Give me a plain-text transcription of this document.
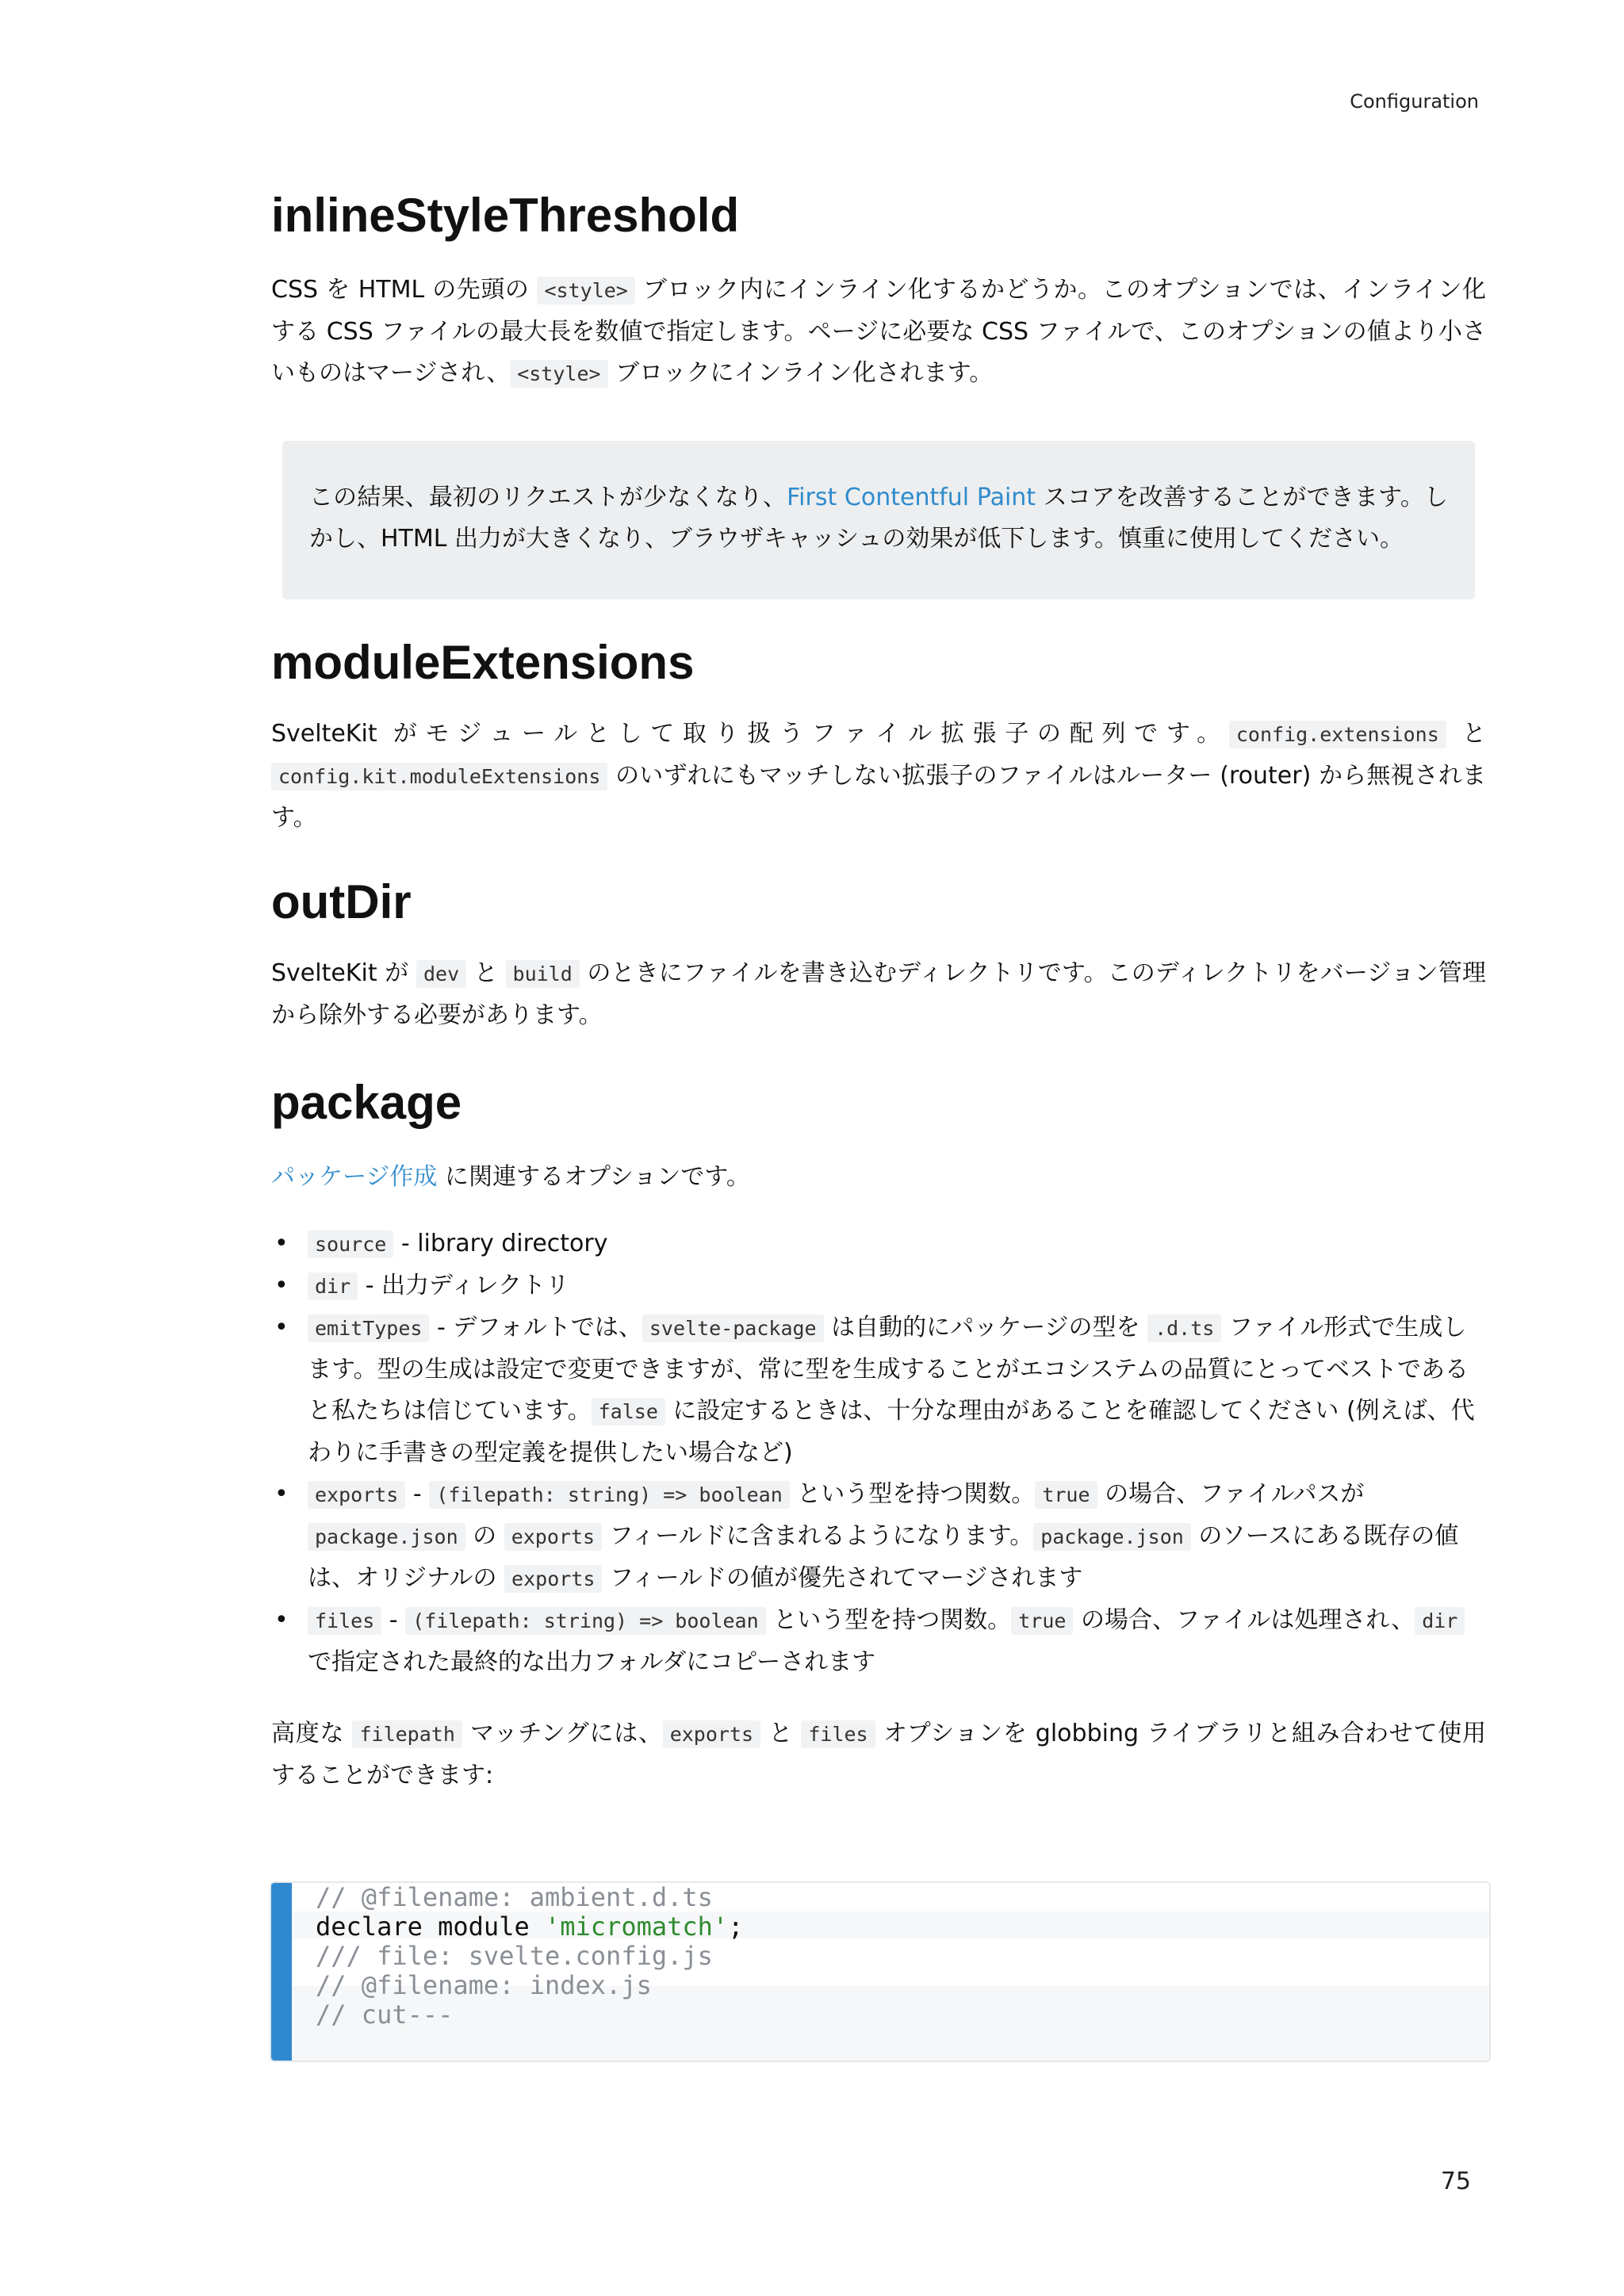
Configuration
inlineStyleThreshold

CSS を HTML の先頭の <style> ブロック内にインライン化するかどうか。このオプションでは、インライン化する CSS ファイルの最大長を数値で指定します。ページに必要な CSS ファイルで、このオプションの値より小さいものはマージされ、 <style> ブロックにインライン化されます。

この結果、最初のリクエストが少なくなり、First Contentful Paint スコアを改善することができます。しかし、HTML 出力が大きくなり、ブラウザキャッシュの効果が低下します。慎重に使用してください。

moduleExtensions

SvelteKit がモジュールとして取り扱うファイル拡張子の配列です。 config.extensions と config.kit.moduleExtensions のいずれにもマッチしない拡張子のファイルはルーター (router) から無視されます。

outDir

SvelteKit が dev と build のときにファイルを書き込むディレクトリです。このディレクトリをバージョン管理から除外する必要があります。

package

パッケージ作成 に関連するオプションです。

• source - library directory
• dir - 出力ディレクトリ
• emitTypes - デフォルトでは、 svelte-package は自動的にパッケージの型を .d.ts ファイル形式で生成します。型の生成は設定で変更できますが、常に型を生成することがエコシステムの品質にとってベストであると私たちは信じています。 false に設定するときは、十分な理由があることを確認してください (例えば、代わりに手書きの型定義を提供したい場合など)
• exports - (filepath: string) => boolean という型を持つ関数。 true の場合、ファイルパスが package.json の exports フィールドに含まれるようになります。 package.json のソースにある既存の値は、オリジナルの exports フィールドの値が優先されてマージされます
• files - (filepath: string) => boolean という型を持つ関数。 true の場合、ファイルは処理され、 dir で指定された最終的な出力フォルダにコピーされます

高度な filepath マッチングには、 exports と files オプションを globbing ライブラリと組み合わせて使用することができます:

// @filename: ambient.d.ts
declare module 'micromatch';
/// file: svelte.config.js
// @filename: index.js
// cut---
75
